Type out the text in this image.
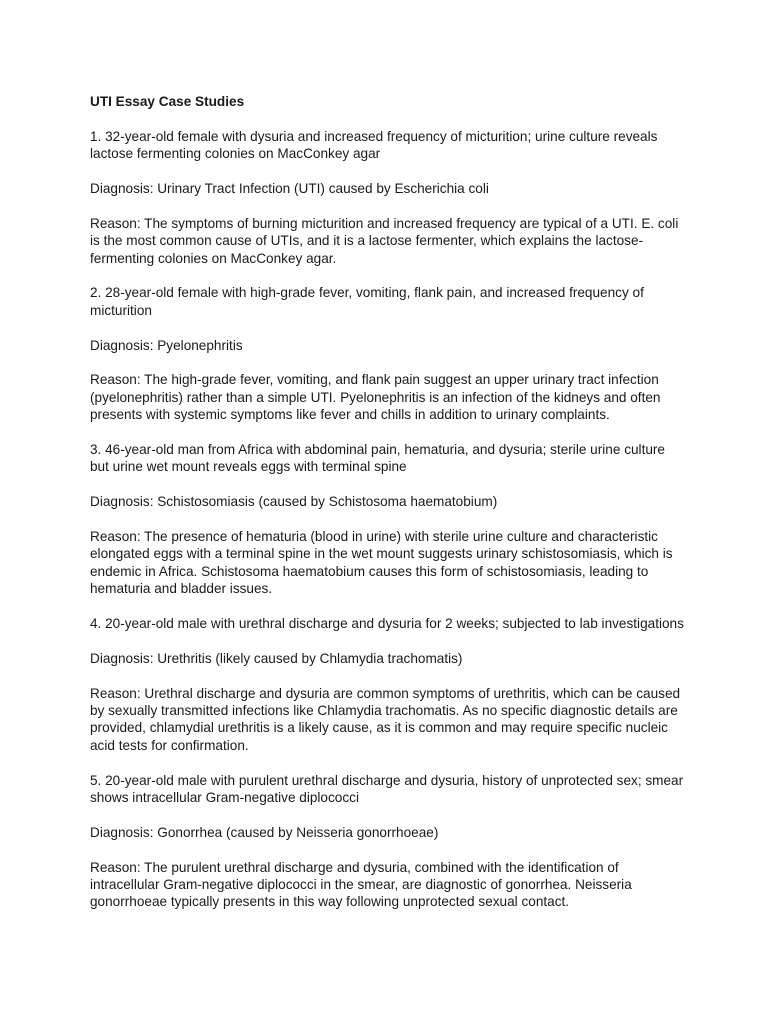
UTI Essay Case Studies

1. 32-year-old female with dysuria and increased frequency of micturition; urine culture reveals lactose fermenting colonies on MacConkey agar

Diagnosis: Urinary Tract Infection (UTI) caused by Escherichia coli

Reason: The symptoms of burning micturition and increased frequency are typical of a UTI. E. coli is the most common cause of UTIs, and it is a lactose fermenter, which explains the lactose-fermenting colonies on MacConkey agar.

2. 28-year-old female with high-grade fever, vomiting, flank pain, and increased frequency of micturition

Diagnosis: Pyelonephritis

Reason: The high-grade fever, vomiting, and flank pain suggest an upper urinary tract infection (pyelonephritis) rather than a simple UTI. Pyelonephritis is an infection of the kidneys and often presents with systemic symptoms like fever and chills in addition to urinary complaints.

3. 46-year-old man from Africa with abdominal pain, hematuria, and dysuria; sterile urine culture but urine wet mount reveals eggs with terminal spine

Diagnosis: Schistosomiasis (caused by Schistosoma haematobium)

Reason: The presence of hematuria (blood in urine) with sterile urine culture and characteristic elongated eggs with a terminal spine in the wet mount suggests urinary schistosomiasis, which is endemic in Africa. Schistosoma haematobium causes this form of schistosomiasis, leading to hematuria and bladder issues.

4. 20-year-old male with urethral discharge and dysuria for 2 weeks; subjected to lab investigations

Diagnosis: Urethritis (likely caused by Chlamydia trachomatis)

Reason: Urethral discharge and dysuria are common symptoms of urethritis, which can be caused by sexually transmitted infections like Chlamydia trachomatis. As no specific diagnostic details are provided, chlamydial urethritis is a likely cause, as it is common and may require specific nucleic acid tests for confirmation.

5. 20-year-old male with purulent urethral discharge and dysuria, history of unprotected sex; smear shows intracellular Gram-negative diplococci

Diagnosis: Gonorrhea (caused by Neisseria gonorrhoeae)

Reason: The purulent urethral discharge and dysuria, combined with the identification of intracellular Gram-negative diplococci in the smear, are diagnostic of gonorrhea. Neisseria gonorrhoeae typically presents in this way following unprotected sexual contact.
